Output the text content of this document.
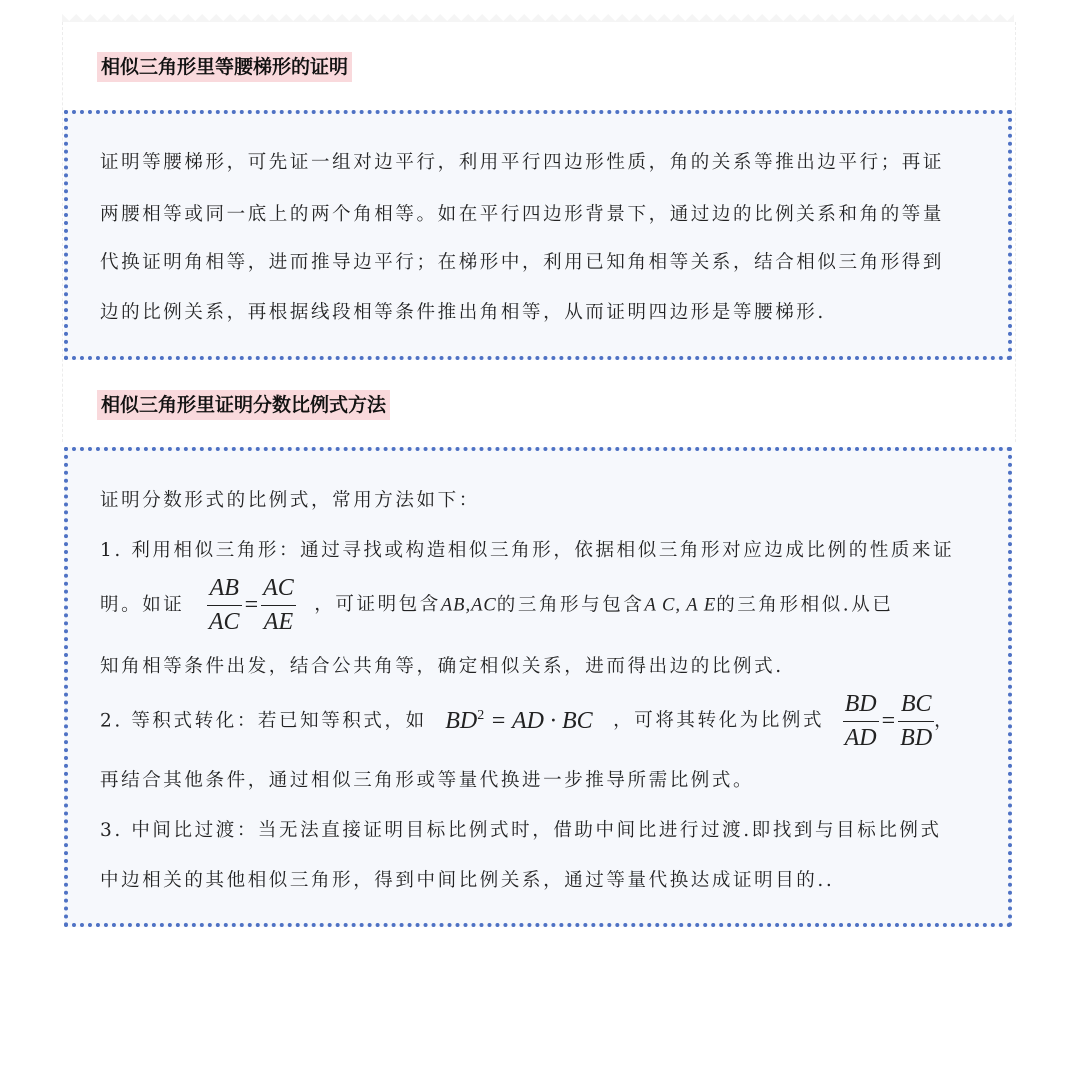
相似三角形里等腰梯形的证明
证明等腰梯形，可先证一组对边平行，利用平行四边形性质，角的关系等推出边平行；再证
两腰相等或同一底上的两个角相等。如在平行四边形背景下，通过边的比例关系和角的等量
代换证明角相等，进而推导边平行；在梯形中，利用已知角相等关系，结合相似三角形得到
边的比例关系，再根据线段相等条件推出角相等，从而证明四边形是等腰梯形.
相似三角形里证明分数比例式方法
证明分数形式的比例式，常用方法如下：
1. 利用相似三角形：通过寻找或构造相似三角形，依据相似三角形对应边成比例的性质来证
明。如证 $\frac{AB}{AC} = \frac{AC}{AE}$ ，可证明包含AB,AC的三角形与包含A C, A E的三角形相似.从已
知角相等条件出发，结合公共角等，确定相似关系，进而得出边的比例式.
2. 等积式转化：若已知等积式，如 $BD^2$ = AD · BC ，可将其转化为比例式 $\frac{BD}{AD} = \frac{BC}{BD}$ ，
再结合其他条件，通过相似三角形或等量代换进一步推导所需比例式。
3. 中间比过渡：当无法直接证明目标比例式时，借助中间比进行过渡.即找到与目标比例式
中边相关的其他相似三角形，得到中间比例关系，通过等量代换达成证明目的..
